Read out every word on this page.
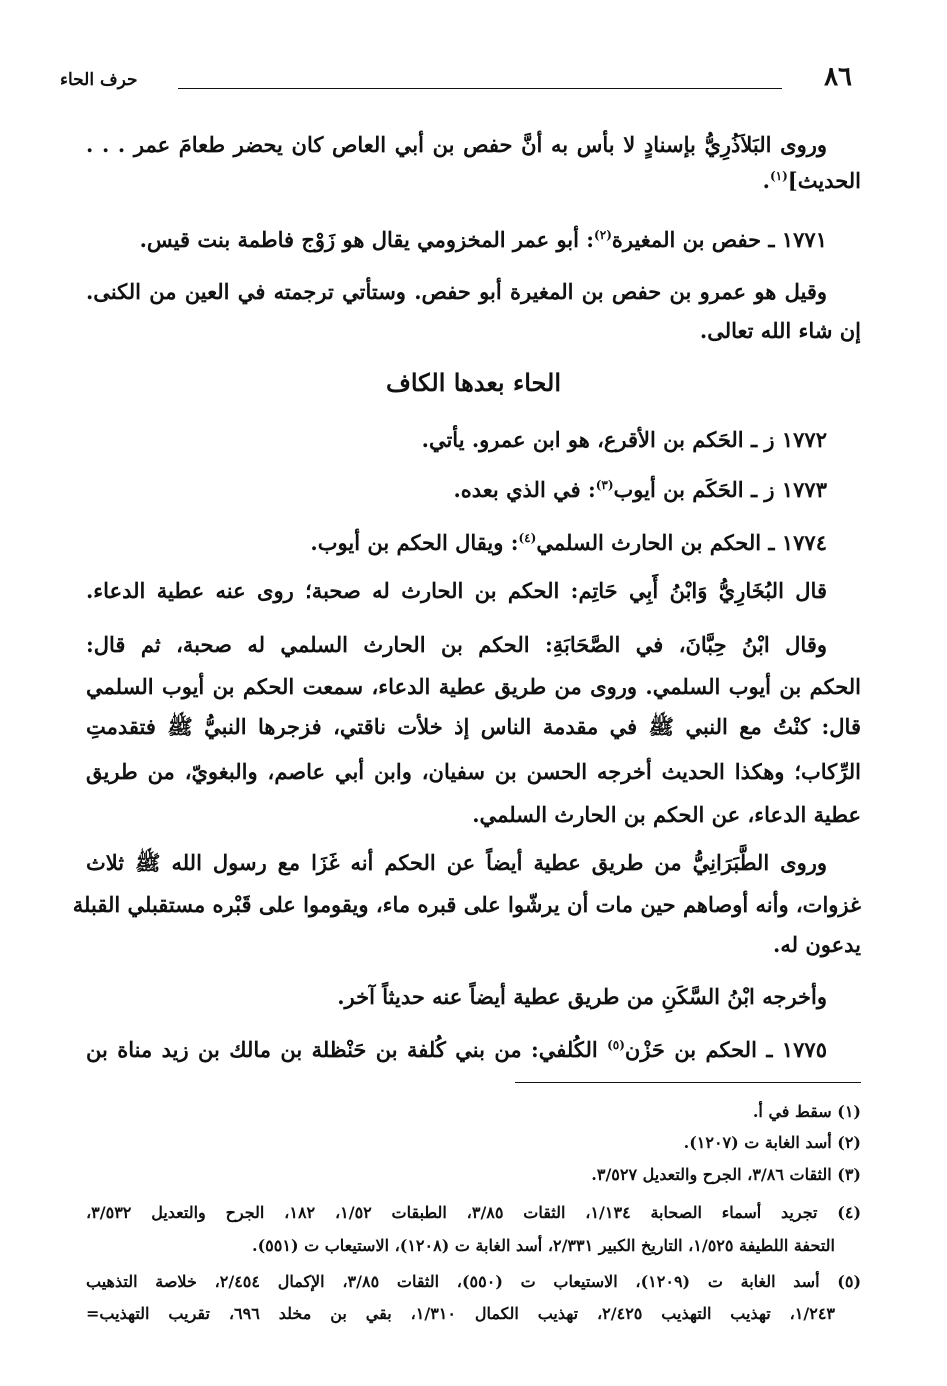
٨٦
حرف الحاء
وروى البَلاَذُرِيُّ بإسنادٍ لا بأس به أنَّ حفص بن أبي العاص كان يحضر طعامَ عمر . . .
الحديث]$^{(١)}$.
١٧٧١ ـ حفص بن المغيرة$^{(٢)}$: أبو عمر المخزومي يقال هو زَوْج فاطمة بنت قيس.
وقيل هو عمرو بن حفص بن المغيرة أبو حفص. وستأتي ترجمته في العين من الكنى.
إن شاء الله تعالى.
الحاء بعدها الكاف
١٧٧٢ ز ـ الحَكم بن الأقرع، هو ابن عمرو. يأتي.
١٧٧٣ ز ـ الحَكَم بن أيوب$^{(٣)}$: في الذي بعده.
١٧٧٤ ـ الحكم بن الحارث السلمي$^{(٤)}$: ويقال الحكم بن أيوب.
قال البُخَارِيُّ وَابْنُ أَبِي حَاتِم: الحكم بن الحارث له صحبة؛ روى عنه عطية الدعاء.
وقال ابْنُ حِبَّانَ، في الصَّحَابَةِ: الحكم بن الحارث السلمي له صحبة، ثم قال:
الحكم بن أيوب السلمي. وروى من طريق عطية الدعاء، سمعت الحكم بن أيوب السلمي
قال: كنْتُ مع النبي ﷺ في مقدمة الناس إذ خلأت ناقتي، فزجرها النبيُّ ﷺ فتقدمتِ
الرِّكاب؛ وهكذا الحديث أخرجه الحسن بن سفيان، وابن أبي عاصم، والبغويّ، من طريق
عطية الدعاء، عن الحكم بن الحارث السلمي.
وروى الطَّبَرَانِيُّ من طريق عطية أيضاً عن الحكم أنه غَزَا مع رسول الله ﷺ ثلاث
غزوات، وأنه أوصاهم حين مات أن يرشّوا على قبره ماء، ويقوموا على قَبْره مستقبلي القبلة
يدعون له.
وأخرجه ابْنُ السَّكَنِ من طريق عطية أيضاً عنه حديثاً آخر.
١٧٧٥ ـ الحكم بن حَزْن$^{(٥)}$ الكُلفي: من بني كُلفة بن حَنْظلة بن مالك بن زيد مناة بن
(١) سقط في أ.
(٢) أسد الغابة ت (١٢٠٧).
(٣) الثقات ٣/٨٦، الجرح والتعديل ٣/٥٢٧.
(٤) تجريد أسماء الصحابة ١/١٣٤، الثقات ٣/٨٥، الطبقات ١/٥٢، ١٨٢، الجرح والتعديل ٣/٥٣٢،
التحفة اللطيفة ١/٥٢٥، التاريخ الكبير ٢/٣٣١، أسد الغابة ت (١٢٠٨)، الاستيعاب ت (٥٥١).
(٥) أسد الغابة ت (١٢٠٩)، الاستيعاب ت (٥٥٠)، الثقات ٣/٨٥، الإكمال ٢/٤٥٤، خلاصة التذهيب
١/٢٤٣، تهذيب التهذيب ٢/٤٢٥، تهذيب الكمال ١/٣١٠، بقي بن مخلد ٦٩٦، تقريب التهذيب=
